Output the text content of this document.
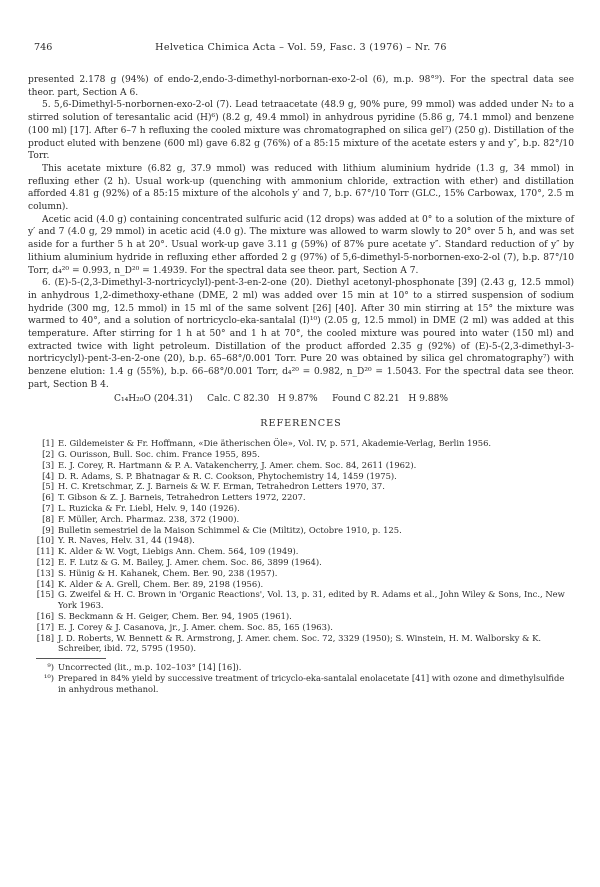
746	Helvetica Chimica Acta – Vol. 59, Fasc. 3 (1976) – Nr. 76

presented 2.178 g (94%) of endo-2,endo-3-dimethyl-norbornan-exo-2-ol (6), m.p. 98°⁹). For the spectral data see theor. part, Section A 6.

5. 5,6-Dimethyl-5-norbornen-exo-2-ol (7). Lead tetraacetate (48.9 g, 90% pure, 99 mmol) was added under N₂ to a stirred solution of teresantalic acid (H)⁶) (8.2 g, 49.4 mmol) in anhydrous pyridine (5.86 g, 74.1 mmol) and benzene (100 ml) [17]. After 6–7 h refluxing the cooled mixture was chromatographed on silica gel⁷) (250 g). Distillation of the product eluted with benzene (600 ml) gave 6.82 g (76%) of a 85:15 mixture of the acetate esters y and y″, b.p. 82°/10 Torr.

This acetate mixture (6.82 g, 37.9 mmol) was reduced with lithium aluminium hydride (1.3 g, 34 mmol) in refluxing ether (2 h). Usual work-up (quenching with ammonium chloride, extraction with ether) and distillation afforded 4.81 g (92%) of a 85:15 mixture of the alcohols y′ and 7, b.p. 67°/10 Torr (GLC., 15% Carbowax, 170°, 2.5 m column).

Acetic acid (4.0 g) containing concentrated sulfuric acid (12 drops) was added at 0° to a solution of the mixture of y′ and 7 (4.0 g, 29 mmol) in acetic acid (4.0 g). The mixture was allowed to warm slowly to 20° over 5 h, and was set aside for a further 5 h at 20°. Usual work-up gave 3.11 g (59%) of 87% pure acetate y″. Standard reduction of y″ by lithium aluminium hydride in refluxing ether afforded 2 g (97%) of 5,6-dimethyl-5-norbornen-exo-2-ol (7), b.p. 87°/10 Torr, d₄²⁰ = 0.993, n_D²⁰ = 1.4939. For the spectral data see theor. part, Section A 7.

6. (E)-5-(2,3-Dimethyl-3-nortricyclyl)-pent-3-en-2-one (20). Diethyl acetonyl-phosphonate [39] (2.43 g, 12.5 mmol) in anhydrous 1,2-dimethoxy-ethane (DME, 2 ml) was added over 15 min at 10° to a stirred suspension of sodium hydride (300 mg, 12.5 mmol) in 15 ml of the same solvent [26] [40]. After 30 min stirring at 15° the mixture was warmed to 40°, and a solution of nortricyclo-eka-santalal (I)¹⁰) (2.05 g, 12.5 mmol) in DME (2 ml) was added at this temperature. After stirring for 1 h at 50° and 1 h at 70°, the cooled mixture was poured into water (150 ml) and extracted twice with light petroleum. Distillation of the product afforded 2.35 g (92%) of (E)-5-(2,3-dimethyl-3-nortricyclyl)-pent-3-en-2-one (20), b.p. 65–68°/0.001 Torr. Pure 20 was obtained by silica gel chromatography⁷) with benzene elution: 1.4 g (55%), b.p. 66–68°/0.001 Torr, d₄²⁰ = 0.982, n_D²⁰ = 1.5043. For the spectral data see theor. part, Section B 4.

C₁₄H₂₀O (204.31)     Calc. C 82.30   H 9.87%     Found C 82.21   H 9.88%
REFERENCES
[1] E. Gildemeister & Fr. Hoffmann, «Die ätherischen Öle», Vol. IV, p. 571, Akademie-Verlag, Berlin 1956.
[2] G. Ourisson, Bull. Soc. chim. France 1955, 895.
[3] E. J. Corey, R. Hartmann & P. A. Vatakencherry, J. Amer. chem. Soc. 84, 2611 (1962).
[4] D. R. Adams, S. P. Bhatnagar & R. C. Cookson, Phytochemistry 14, 1459 (1975).
[5] H. C. Kretschmar, Z. J. Barneis & W. F. Erman, Tetrahedron Letters 1970, 37.
[6] T. Gibson & Z. J. Barneis, Tetrahedron Letters 1972, 2207.
[7] L. Ruzicka & Fr. Liebl, Helv. 9, 140 (1926).
[8] F. Müller, Arch. Pharmaz. 238, 372 (1900).
[9] Bulletin semestriel de la Maison Schimmel & Cie (Miltitz), Octobre 1910, p. 125.
[10] Y. R. Naves, Helv. 31, 44 (1948).
[11] K. Alder & W. Vogt, Liebigs Ann. Chem. 564, 109 (1949).
[12] E. F. Lutz & G. M. Bailey, J. Amer. chem. Soc. 86, 3899 (1964).
[13] S. Hünig & H. Kahanek, Chem. Ber. 90, 238 (1957).
[14] K. Alder & A. Grell, Chem. Ber. 89, 2198 (1956).
[15] G. Zweifel & H. C. Brown in 'Organic Reactions', Vol. 13, p. 31, edited by R. Adams et al., John Wiley & Sons, Inc., New York 1963.
[16] S. Beckmann & H. Geiger, Chem. Ber. 94, 1905 (1961).
[17] E. J. Corey & J. Casanova, jr., J. Amer. chem. Soc. 85, 165 (1963).
[18] J. D. Roberts, W. Bennett & R. Armstrong, J. Amer. chem. Soc. 72, 3329 (1950); S. Winstein, H. M. Walborsky & K. Schreiber, ibid. 72, 5795 (1950).
⁹) Uncorrected (lit., m.p. 102–103° [14] [16]).
¹⁰) Prepared in 84% yield by successive treatment of tricyclo-eka-santalal enolacetate [41] with ozone and dimethylsulfide in anhydrous methanol.
